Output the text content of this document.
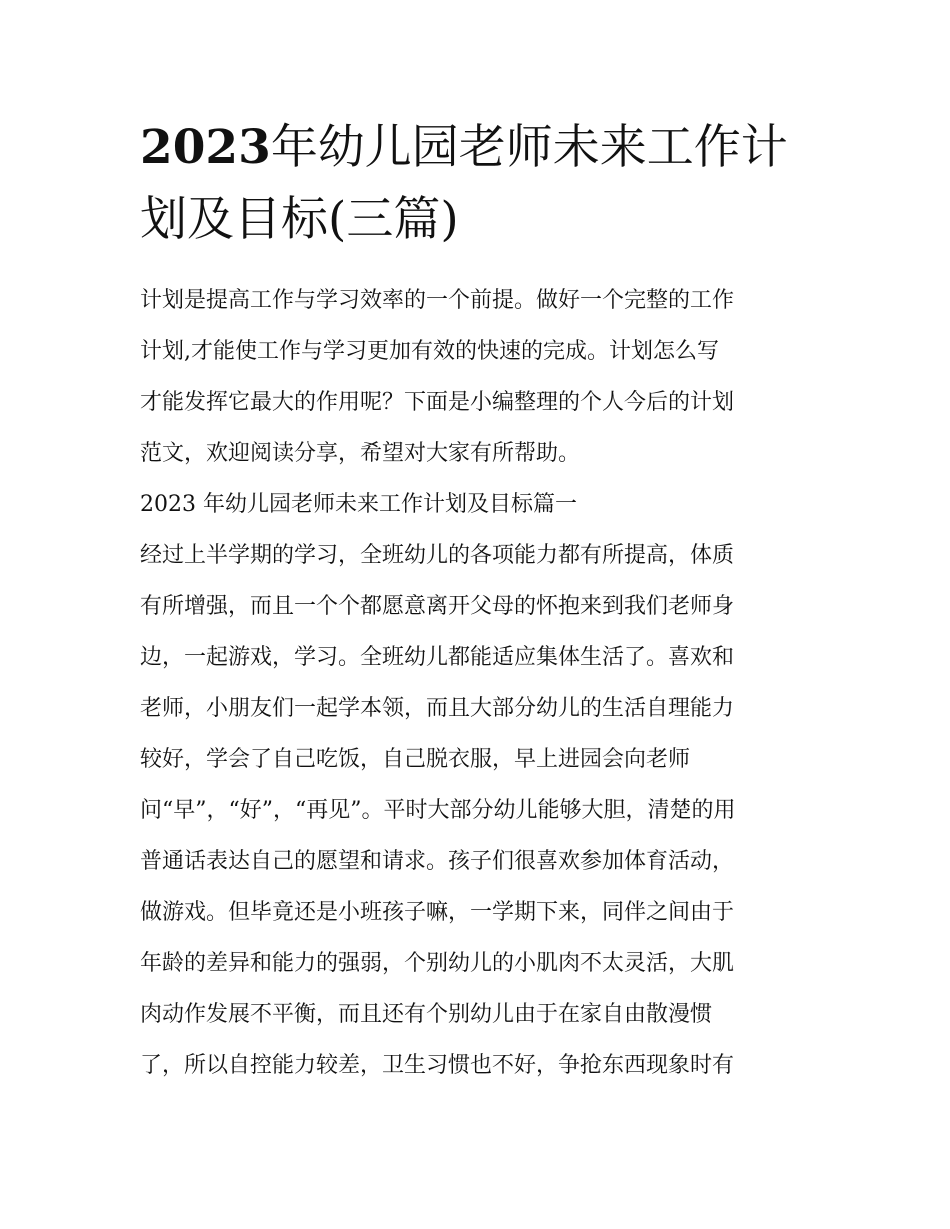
2023年幼儿园老师未来工作计
划及目标(三篇)

计划是提高工作与学习效率的一个前提。做好一个完整的工作
计划,才能使工作与学习更加有效的快速的完成。计划怎么写
才能发挥它最大的作用呢？下面是小编整理的个人今后的计划
范文，欢迎阅读分享，希望对大家有所帮助。

2023 年幼儿园老师未来工作计划及目标篇一

经过上半学期的学习，全班幼儿的各项能力都有所提高，体质
有所增强，而且一个个都愿意离开父母的怀抱来到我们老师身
边，一起游戏，学习。全班幼儿都能适应集体生活了。喜欢和
老师，小朋友们一起学本领，而且大部分幼儿的生活自理能力
较好，学会了自己吃饭，自己脱衣服，早上进园会向老师
问“早”，“好”，“再见”。平时大部分幼儿能够大胆，清楚的用
普通话表达自己的愿望和请求。孩子们很喜欢参加体育活动，
做游戏。但毕竟还是小班孩子嘛，一学期下来，同伴之间由于
年龄的差异和能力的强弱，个别幼儿的小肌肉不太灵活，大肌
肉动作发展不平衡，而且还有个别幼儿由于在家自由散漫惯
了，所以自控能力较差，卫生习惯也不好，争抢东西现象时有
